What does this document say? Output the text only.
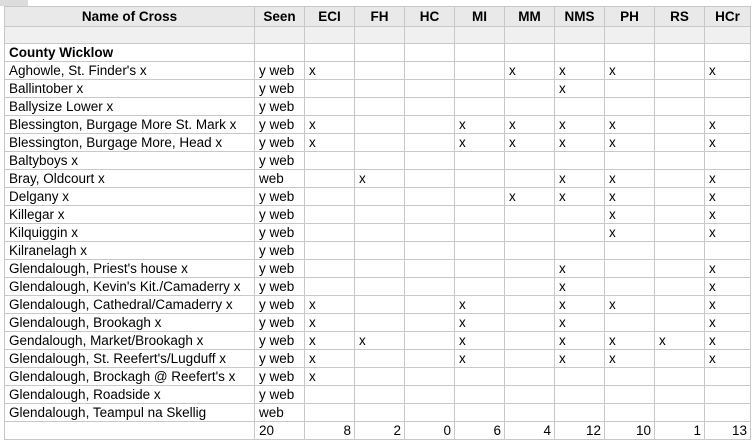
Name of Cross	Seen	ECI	FH	HC	MI	MM	NMS	PH	RS	HCr

County Wicklow										
Aghowle, St. Finder's x	y web	x				x	x	x		x
Ballintober x	y web						x			
Ballysize Lower x	y web									
Blessington, Burgage More St. Mark x	y web	x			x	x	x	x		x
Blessington, Burgage More, Head x	y web	x			x	x	x	x		x
Baltyboys x	y web									
Bray, Oldcourt x	web		x				x	x		x
Delgany x	y web					x	x	x		x
Killegar x	y web							x		x
Kilquiggin x	y web							x		x
Kilranelagh x	y web									
Glendalough, Priest's house x	y web						x			x
Glendalough, Kevin's Kit./Camaderry x	y web						x			x
Glendalough, Cathedral/Camaderry x	y web	x			x		x	x		x
Glendalough, Brookagh x	y web	x			x		x			x
Gendalough, Market/Brookagh x	y web	x	x		x		x	x	x	x
Glendalough, St. Reefert's/Lugduff x	y web	x			x		x	x		x
Glendalough, Brockagh @ Reefert's x	y web	x								
Glendalough, Roadside x	y web									
Glendalough, Teampul na Skellig	web									
	20	8	2	0	6	4	12	10	1	13
